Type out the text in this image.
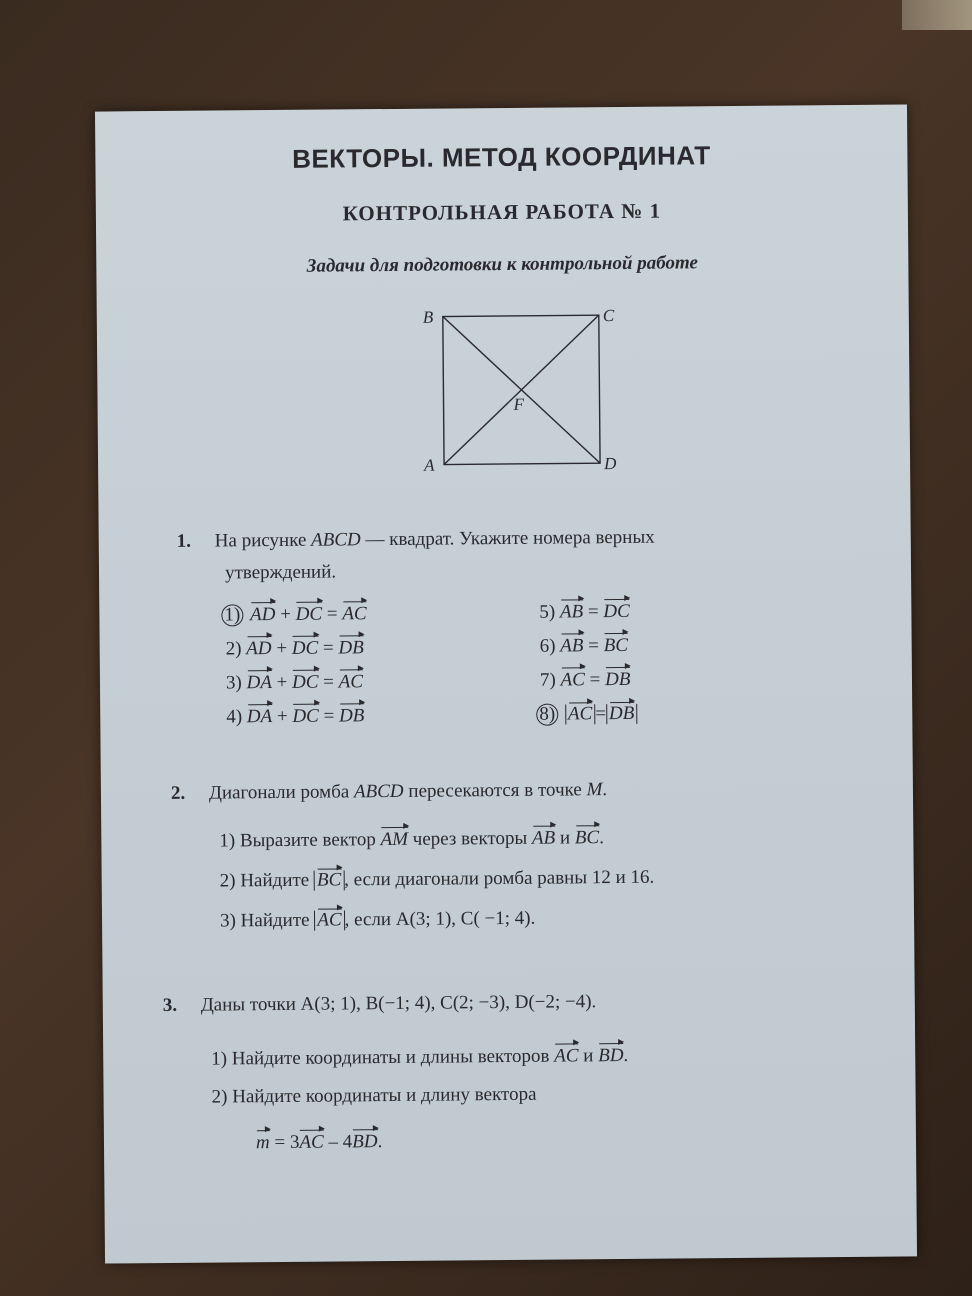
ВЕКТОРЫ. МЕТОД КООРДИНАТ
КОНТРОЛЬНАЯ РАБОТА № 1
Задачи для подготовки к контрольной работе
B	C
A	D
F
1. На рисунке ABCD — квадрат. Укажите номера верных
утверждений.
1) AD + DC = AC
2) AD + DC = DB
3) DA + DC = AC
4) DA + DC = DB
5) AB = DC
6) AB = BC
7) AC = DB
8) AC = DB
2. Диагонали ромба ABCD пересекаются в точке M.
1) Выразите вектор AM через векторы AB и BC.
2) Найдите BC , если диагонали ромба равны 12 и 16.
3) Найдите AC , если A(3; 1), C( −1; 4).
3. Даны точки A(3; 1), B(−1; 4), C(2; −3), D(−2; −4).
1) Найдите координаты и длины векторов AC и BD.
2) Найдите координаты и длину вектора
m = 3AC – 4BD.
